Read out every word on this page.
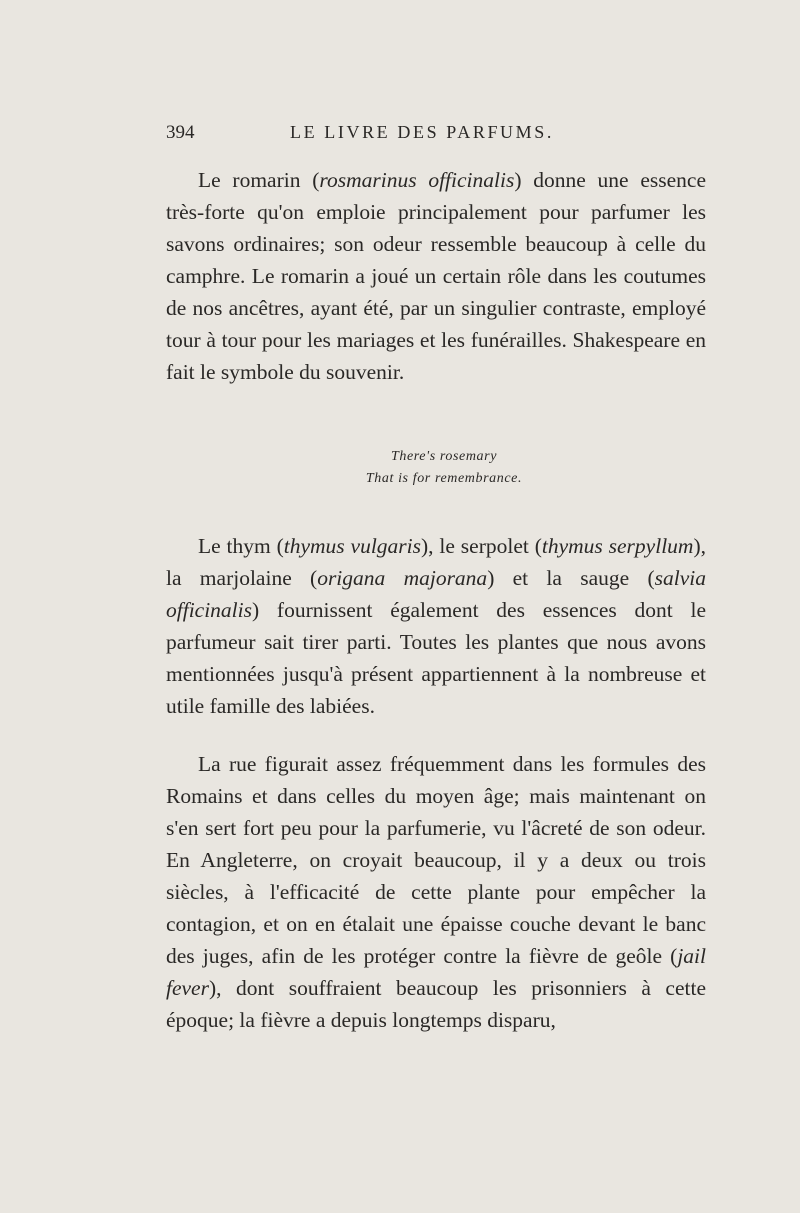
394	LE LIVRE DES PARFUMS.

Le romarin (rosmarinus officinalis) donne une essence très-forte qu'on emploie principalement pour parfumer les savons ordinaires; son odeur ressemble beaucoup à celle du camphre. Le romarin a joué un certain rôle dans les coutumes de nos ancêtres, ayant été, par un singulier contraste, employé tour à tour pour les mariages et les funérailles. Shakespeare en fait le symbole du souvenir.

There's rosemary
That is for remembrance.

Le thym (thymus vulgaris), le serpolet (thymus serpyllum), la marjolaine (origana majorana) et la sauge (salvia officinalis) fournissent également des essences dont le parfumeur sait tirer parti. Toutes les plantes que nous avons mentionnées jusqu'à présent appartiennent à la nombreuse et utile famille des labiées.

La rue figurait assez fréquemment dans les formules des Romains et dans celles du moyen âge; mais maintenant on s'en sert fort peu pour la parfumerie, vu l'âcreté de son odeur. En Angleterre, on croyait beaucoup, il y a deux ou trois siècles, à l'efficacité de cette plante pour empêcher la contagion, et on en étalait une épaisse couche devant le banc des juges, afin de les protéger contre la fièvre de geôle (jail fever), dont souffraient beaucoup les prisonniers à cette époque; la fièvre a depuis longtemps disparu,
